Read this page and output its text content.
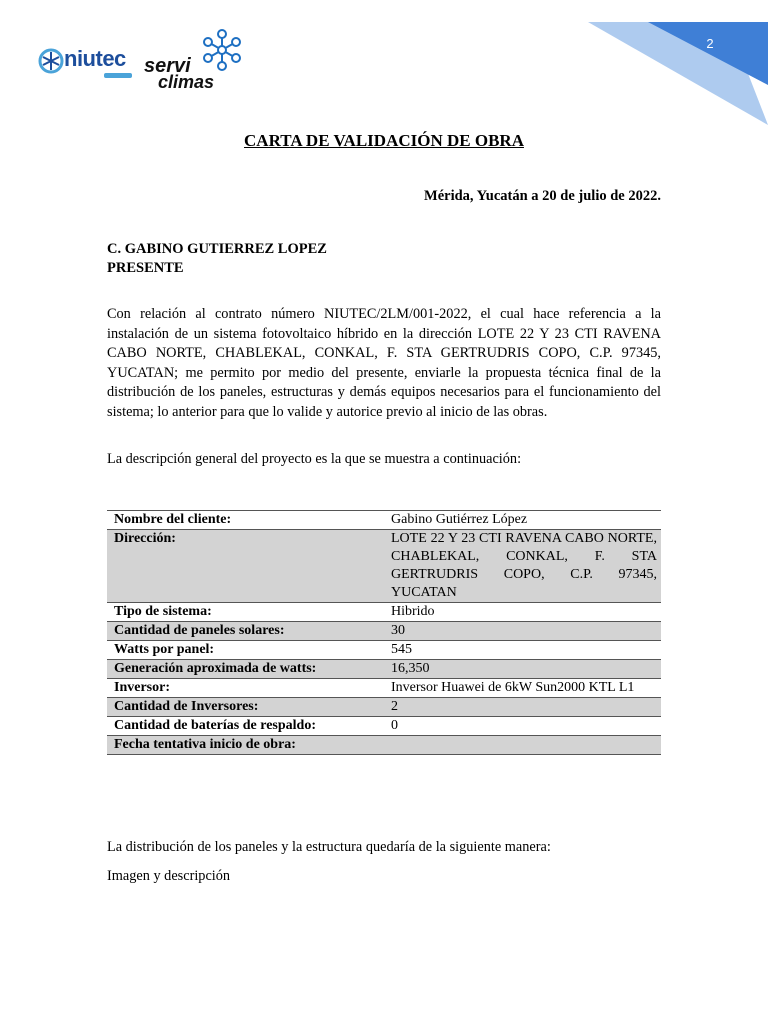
2
niutec servi
climas
CARTA DE VALIDACIÓN DE OBRA
Mérida, Yucatán a 20 de julio de 2022.
C. GABINO GUTIERREZ LOPEZ
PRESENTE
Con relación al contrato número NIUTEC/2LM/001-2022, el cual hace referencia a la instalación de un sistema fotovoltaico híbrido en la dirección LOTE 22 Y 23 CTI RAVENA CABO NORTE, CHABLEKAL, CONKAL, F. STA GERTRUDRIS COPO, C.P. 97345, YUCATAN; me permito por medio del presente, enviarle la propuesta técnica final de la distribución de los paneles, estructuras y demás equipos necesarios para el funcionamiento del sistema; lo anterior para que lo valide y autorice previo al inicio de las obras.
La descripción general del proyecto es la que se muestra a continuación:
Nombre del cliente:	Gabino Gutiérrez López
Dirección:	LOTE 22 Y 23 CTI RAVENA CABO NORTE, CHABLEKAL, CONKAL, F. STA GERTRUDRIS COPO, C.P. 97345, YUCATAN
Tipo de sistema:	Hibrido
Cantidad de paneles solares:	30
Watts por panel:	545
Generación aproximada de watts:	16,350
Inversor:	Inversor Huawei de 6kW Sun2000 KTL L1
Cantidad de Inversores:	2
Cantidad de baterías de respaldo:	0
Fecha tentativa inicio de obra:	
La distribución de los paneles y la estructura quedaría de la siguiente manera:
Imagen y descripción
